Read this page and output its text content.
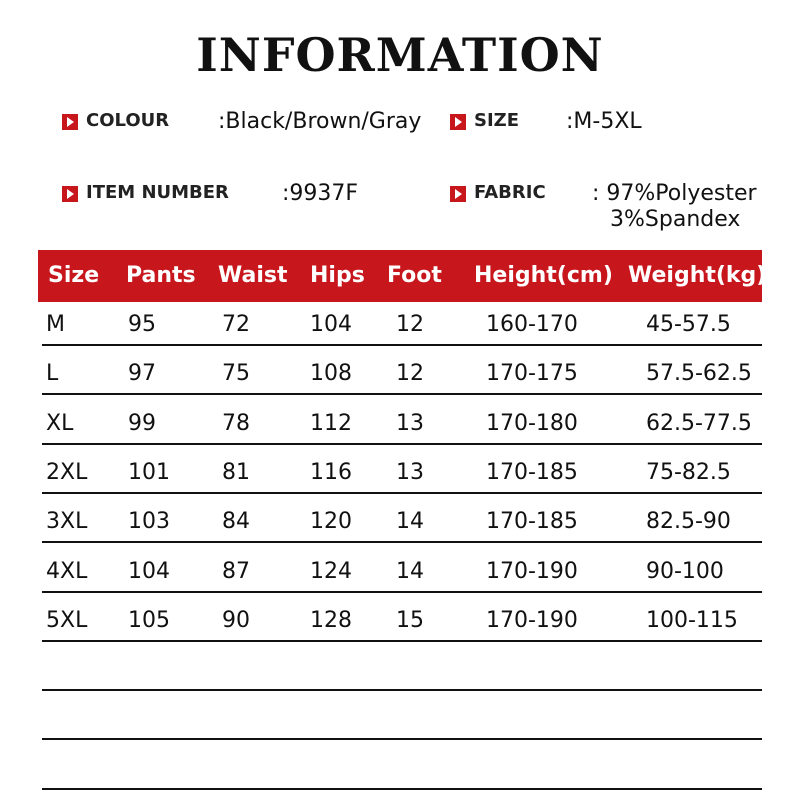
INFORMATION
COLOUR :Black/Brown/Gray	SIZE :M-5XL
ITEM NUMBER :9937F	FABRIC : 97%Polyester
3%Spandex
Size Pants Waist Hips Foot Height(cm) Weight(kg)
M	95	72	104 12	160-170	45-57.5
L	97	75	108 12	170-175	57.5-62.5
XL 99	78	112 13	170-180	62.5-77.5
2XL 101 81	116 13	170-185	75-82.5
3XL 103 84	120 14	170-185	82.5-90
4XL 104 87	124 14	170-190	90-100
5XL 105 90	128 15	170-190	100-115
